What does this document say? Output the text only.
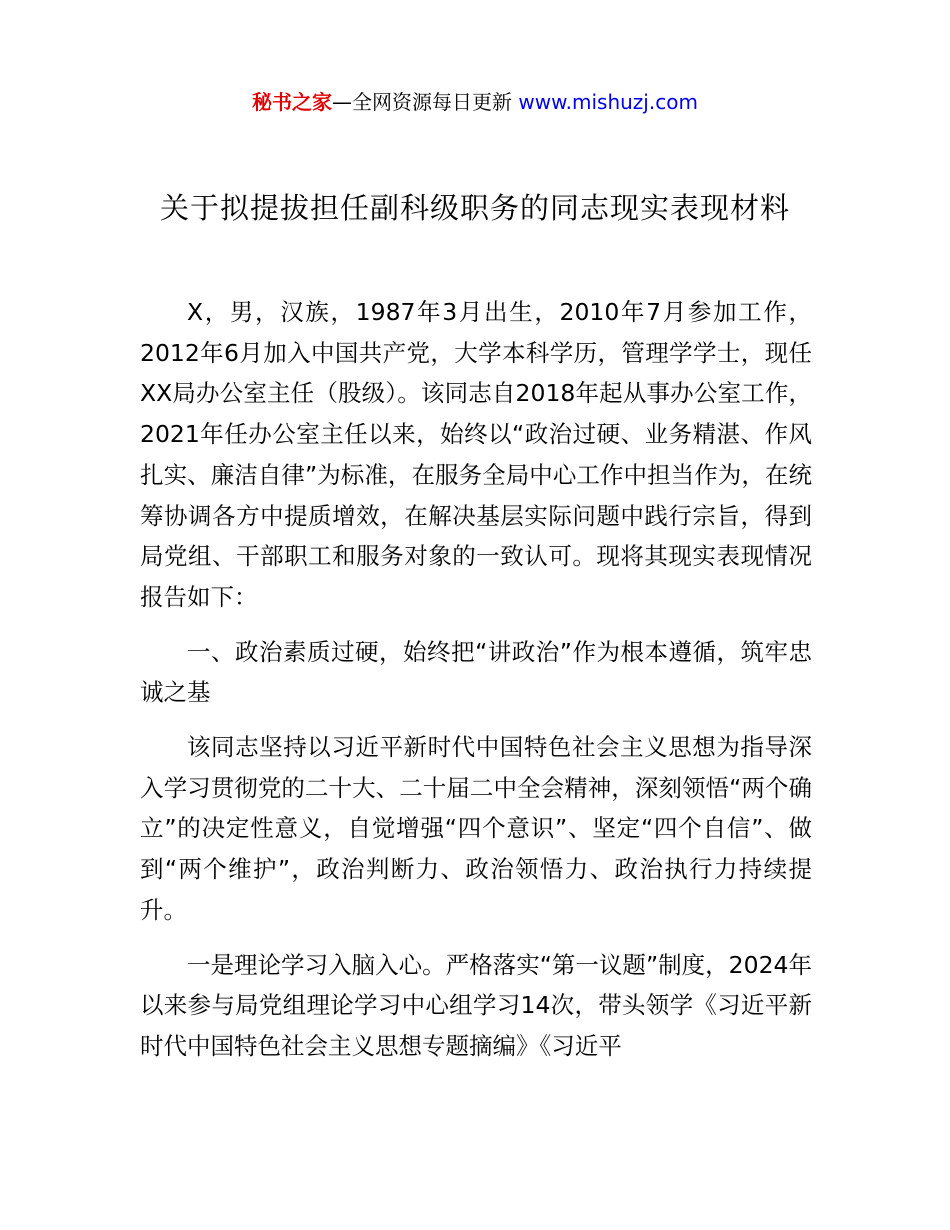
秘书之家—全网资源每日更新 www.mishuzj.com
关于拟提拔担任副科级职务的同志现实表现材料

X，男，汉族，1987年3月出生，2010年7月参加工作，2012年6月加入中国共产党，大学本科学历，管理学学士，现任XX局办公室主任（股级）。该同志自2018年起从事办公室工作，2021年任办公室主任以来，始终以“政治过硬、业务精湛、作风扎实、廉洁自律”为标准，在服务全局中心工作中担当作为，在统筹协调各方中提质增效，在解决基层实际问题中践行宗旨，得到局党组、干部职工和服务对象的一致认可。现将其现实表现情况报告如下：

一、政治素质过硬，始终把“讲政治”作为根本遵循，筑牢忠诚之基

该同志坚持以习近平新时代中国特色社会主义思想为指导深入学习贯彻党的二十大、二十届二中全会精神，深刻领悟“两个确立”的决定性意义，自觉增强“四个意识”、坚定“四个自信”、做到“两个维护”，政治判断力、政治领悟力、政治执行力持续提升。

一是理论学习入脑入心。严格落实“第一议题”制度，2024年以来参与局党组理论学习中心组学习14次，带头领学《习近平新时代中国特色社会主义思想专题摘编》《习近平
